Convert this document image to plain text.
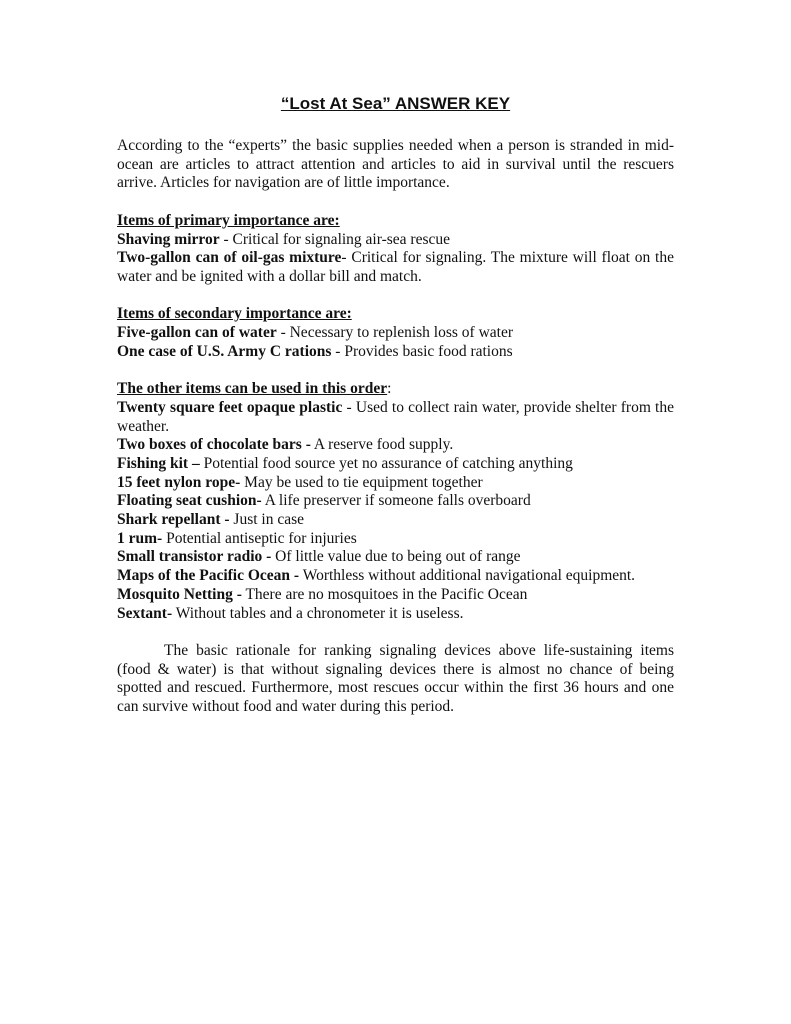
“Lost At Sea” ANSWER KEY

According to the “experts” the basic supplies needed when a person is stranded in mid-ocean are articles to attract attention and articles to aid in survival until the rescuers arrive. Articles for navigation are of little importance.

Items of primary importance are:

Shaving mirror - Critical for signaling air-sea rescue

Two-gallon can of oil-gas mixture- Critical for signaling. The mixture will float on the water and be ignited with a dollar bill and match.

Items of secondary importance are:

Five-gallon can of water - Necessary to replenish loss of water

One case of U.S. Army C rations - Provides basic food rations

The other items can be used in this order:

Twenty square feet opaque plastic - Used to collect rain water, provide shelter from the weather.

Two boxes of chocolate bars - A reserve food supply.

Fishing kit – Potential food source yet no assurance of catching anything

15 feet nylon rope- May be used to tie equipment together

Floating seat cushion- A life preserver if someone falls overboard

Shark repellant - Just in case

1 rum- Potential antiseptic for injuries

Small transistor radio - Of little value due to being out of range

Maps of the Pacific Ocean - Worthless without additional navigational equipment.

Mosquito Netting - There are no mosquitoes in the Pacific Ocean

Sextant- Without tables and a chronometer it is useless.

The basic rationale for ranking signaling devices above life-sustaining items (food & water) is that without signaling devices there is almost no chance of being spotted and rescued. Furthermore, most rescues occur within the first 36 hours and one can survive without food and water during this period.
